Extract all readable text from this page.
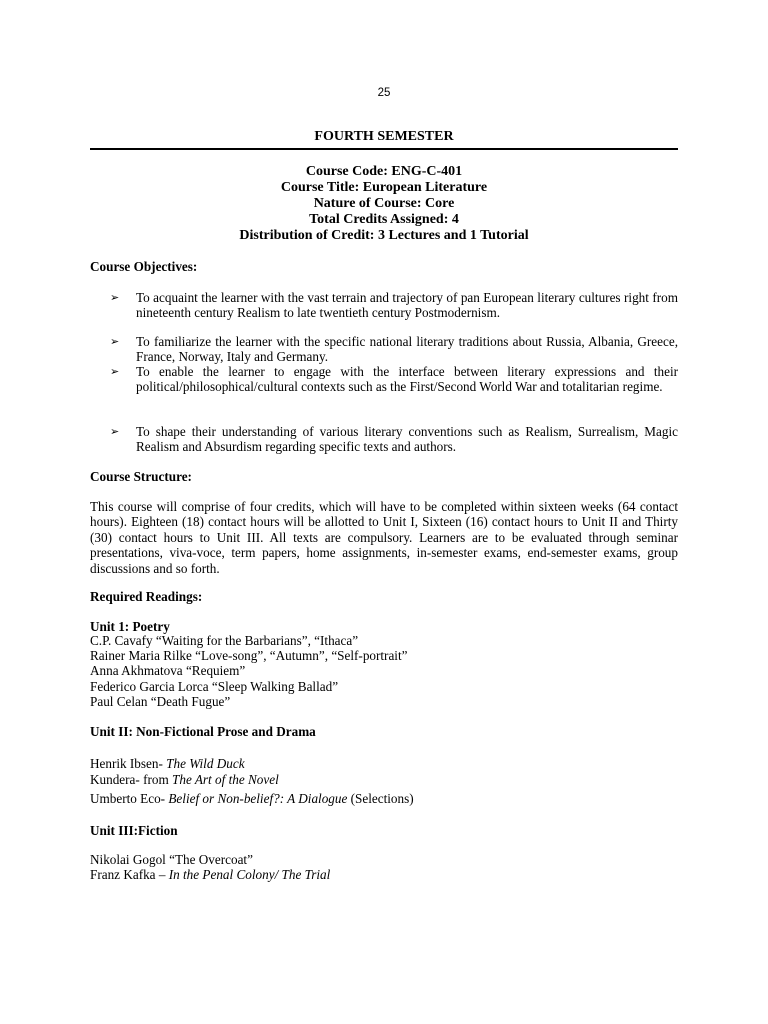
25
FOURTH SEMESTER
Course Code: ENG-C-401
Course Title: European Literature
Nature of Course: Core
Total Credits Assigned: 4
Distribution of Credit: 3 Lectures and 1 Tutorial
Course Objectives:
➢ To acquaint the learner with the vast terrain and trajectory of pan European literary cultures right from nineteenth century Realism to late twentieth century Postmodernism.
➢ To familiarize the learner with the specific national literary traditions about Russia, Albania, Greece, France, Norway, Italy and Germany.
➢ To enable the learner to engage with the interface between literary expressions and their political/philosophical/cultural contexts such as the First/Second World War and totalitarian regime.
➢ To shape their understanding of various literary conventions such as Realism, Surrealism, Magic Realism and Absurdism regarding specific texts and authors.
Course Structure:
This course will comprise of four credits, which will have to be completed within sixteen weeks (64 contact hours). Eighteen (18) contact hours will be allotted to Unit I, Sixteen (16) contact hours to Unit II and Thirty (30) contact hours to Unit III. All texts are compulsory. Learners are to be evaluated through seminar presentations, viva-voce, term papers, home assignments, in-semester exams, end-semester exams, group discussions and so forth.
Required Readings:
Unit 1: Poetry
C.P. Cavafy “Waiting for the Barbarians”, “Ithaca”
Rainer Maria Rilke “Love-song”, “Autumn”, “Self-portrait”
Anna Akhmatova “Requiem”
Federico Garcia Lorca “Sleep Walking Ballad”
Paul Celan “Death Fugue”
Unit II: Non-Fictional Prose and Drama
Henrik Ibsen- The Wild Duck
Kundera- from The Art of the Novel
Umberto Eco- Belief or Non-belief?: A Dialogue (Selections)
Unit III:Fiction
Nikolai Gogol “The Overcoat”
Franz Kafka – In the Penal Colony/ The Trial
